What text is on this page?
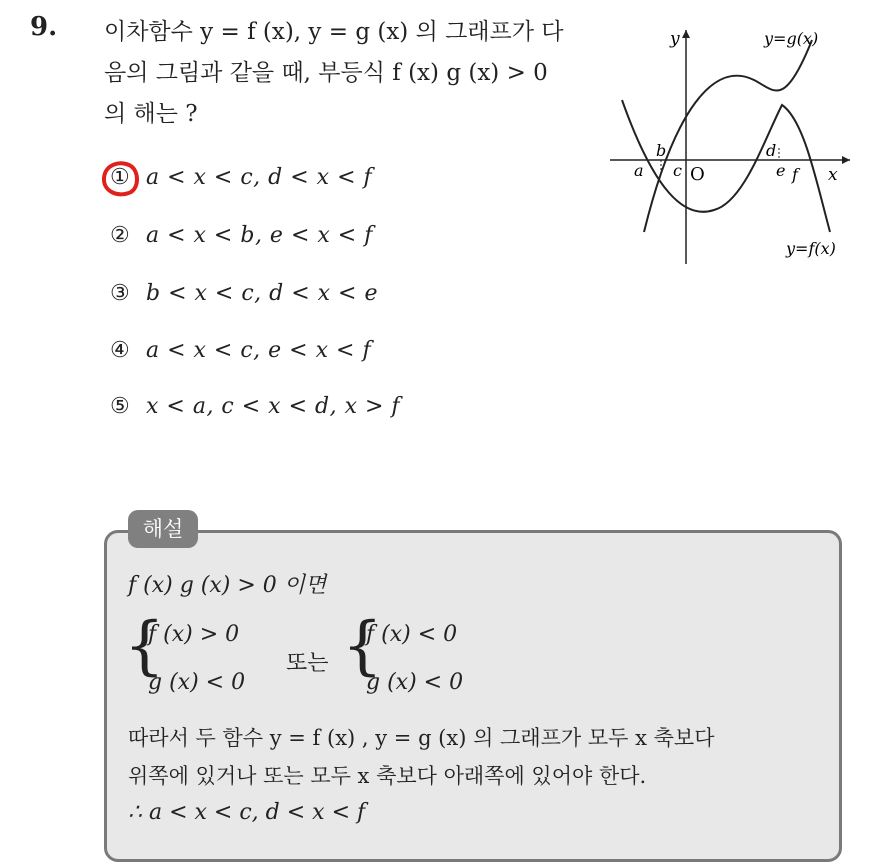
9. 이차함수 y = f (x), y = g (x) 의 그래프가 다
음의 그림과 같을 때, 부등식 f (x) g (x) > 0
의 해는 ?
① a < x < c, d < x < f
② a < x < b, e < x < f
③ b < x < c, d < x < e
④ a < x < c, e < x < f
⑤ x < a, c < x < d, x > f
y
x
O
y=g(x)
y=f(x)
a
b
c
d
e f
해설
f (x) g (x) > 0 이면
{
f (x) > 0
g (x) < 0
또는 {
f (x) < 0
g (x) < 0
따라서 두 함수 y = f (x) , y = g (x) 의 그래프가 모두 x 축보다
위쪽에 있거나 또는 모두 x 축보다 아래쪽에 있어야 한다.
∴ a < x < c, d < x < f
